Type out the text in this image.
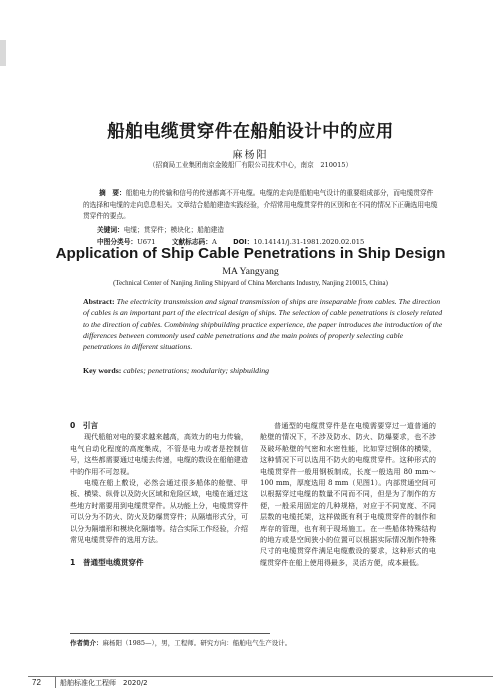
船舶电缆贯穿件在船舶设计中的应用
麻杨阳
（招商局工业集团南京金陵船厂有限公司技术中心，南京　210015）
摘　要：船舶电力的传输和信号的传递都离不开电缆。电缆的走向是船舶电气设计的重要组成部分，而电缆贯穿件的选择和电缆的走向息息相关。文章结合船舶建造实践经验，介绍常用电缆贯穿件的区别和在不同的情况下正确选用电缆贯穿件的要点。
关键词：电缆；贯穿件；模块化；船舶建造
中图分类号：U671 文献标志码：A DOI：10.14141/j.31-1981.2020.02.015
Application of Ship Cable Penetrations in Ship Design
MA Yangyang
(Technical Center of Nanjing Jinling Shipyard of China Merchants Industry, Nanjing 210015, China)
Abstract: The electricity transmission and signal transmission of ships are inseparable from cables. The direction of cables is an important part of the electrical design of ships. The selection of cable penetrations is closely related to the direction of cables. Combining shipbuilding practice experience, the paper introduces the introduction of the differences between commonly used cable penetrations and the main points of properly selecting cable penetrations in different situations.
Key words: cables; penetrations; modularity; shipbuilding
0　引言

现代船舶对电的要求越来越高，高效力的电力传输，电气自动化程度的高度集成，不管是电力或者是控制信号，这些都需要通过电缆去传递，电缆的数设在船舶建造中的作用不可忽视。

电缆在船上敷设，必然会通过很多船体的舱壁、甲板、横梁、纵骨以及防火区域和危险区域，电缆在通过这些地方时需要用到电缆贯穿件。从功能上分，电缆贯穿件可以分为不防火、防火及防爆贯穿件；从隔墙形式分，可以分为隔墙形和模块化隔墙等。结合实际工作经验，介绍常见电缆贯穿件的选用方法。

1　普通型电缆贯穿件

普通型的电缆贯穿件是在电缆需要穿过一道普通的舱壁的情况下，不涉及防水、防火、防爆要求，也不涉及破坏舱壁的气密和水密性能，比如穿过钢体的横梁，这种情况下可以选用不防火的电缆贯穿件。这种形式的电缆贯穿件一般用钢板制成，长度一般选用 80 mm～100 mm，厚度选用 8 mm（见图1）。内部贯通空间可以根据穿过电缆的数量不同而不同，但是为了制作的方便，一般采用固定的几种规格，对应于不同宽度、不同层数的电缆托架，这样做既有利于电缆贯穿件的制作和库存的管理，也有利于现场施工。在一些船体特殊结构的地方或是空间狭小的位置可以根据实际情况制作特殊尺寸的电缆贯穿件满足电缆敷设的要求，这种形式的电缆贯穿件在船上使用得最多，灵活方便，成本最低。

作者简介：麻杨阳（1985—），男，工程师。研究方向：船舶电气生产设计。
72	船舶标准化工程师　2020/2
